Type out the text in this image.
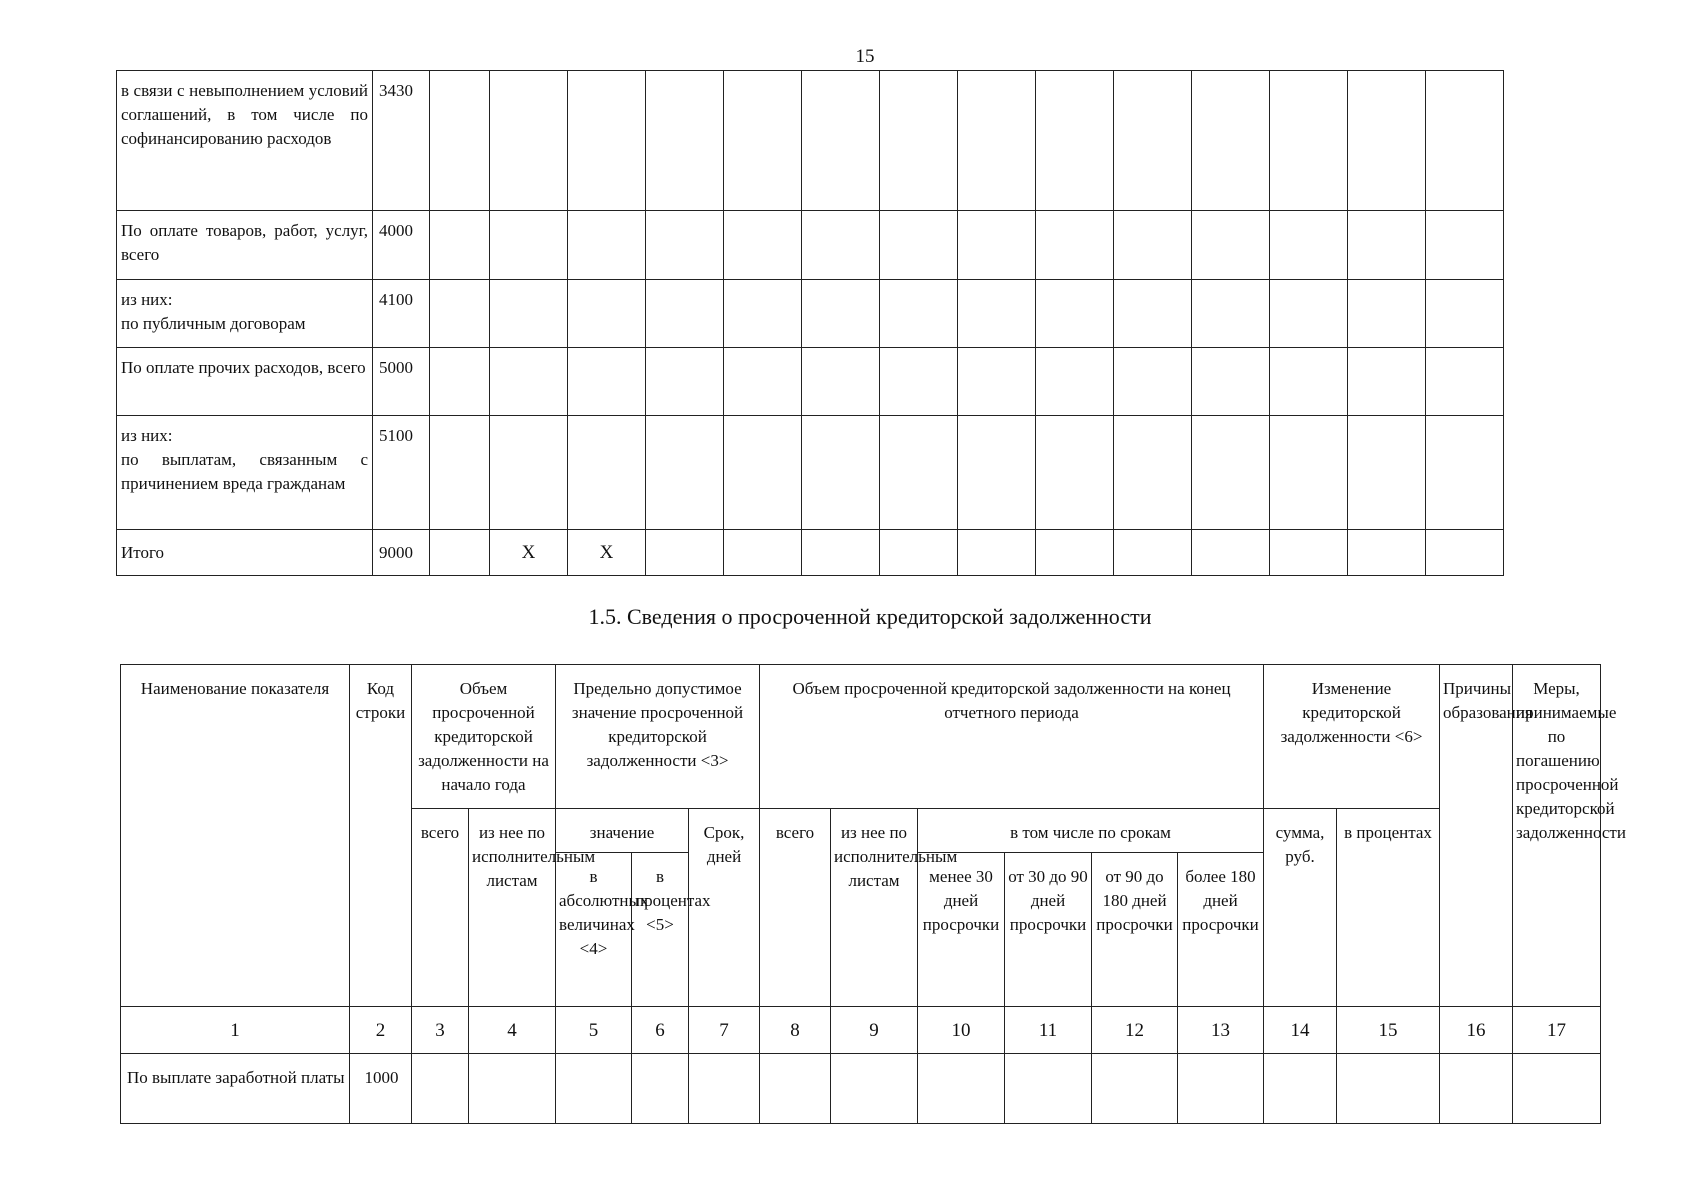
15
в связи с невыполнением условий соглашений, в том числе по софинансированию расходов	3430														
По оплате товаров, работ, услуг, всего	4000														
из них:
по публичным договорам	4100														
По оплате прочих расходов, всего	5000														
из них:
по выплатам, связанным с причинением вреда гражданам	5100														
Итого	9000		X	X											
1.5. Сведения о просроченной кредиторской задолженности
Наименование показателя	Код строки	Объем просроченной кредиторской задолженности на начало года		Предельно допустимое значение просроченной кредиторской задолженности <3>			Объем просроченной кредиторской задолженности на конец отчетного периода						Изменение кредиторской задолженности <6>		Причины образования	Меры, принимаемые по погашению просроченной кредиторской задолженности
		всего	из нее по исполнительным листам	значение		Срок, дней	всего	из нее по исполнительным листам	в том числе по срокам				сумма, руб.	в процентах		
				в абсолютных величинах <4>	в процентах <5>				менее 30 дней просрочки	от 30 до 90 дней просрочки	от 90 до 180 дней просрочки	более 180 дней просрочки				
1	2	3	4	5	6	7	8	9	10	11	12	13	14	15	16	17
По выплате заработной платы	1000															
